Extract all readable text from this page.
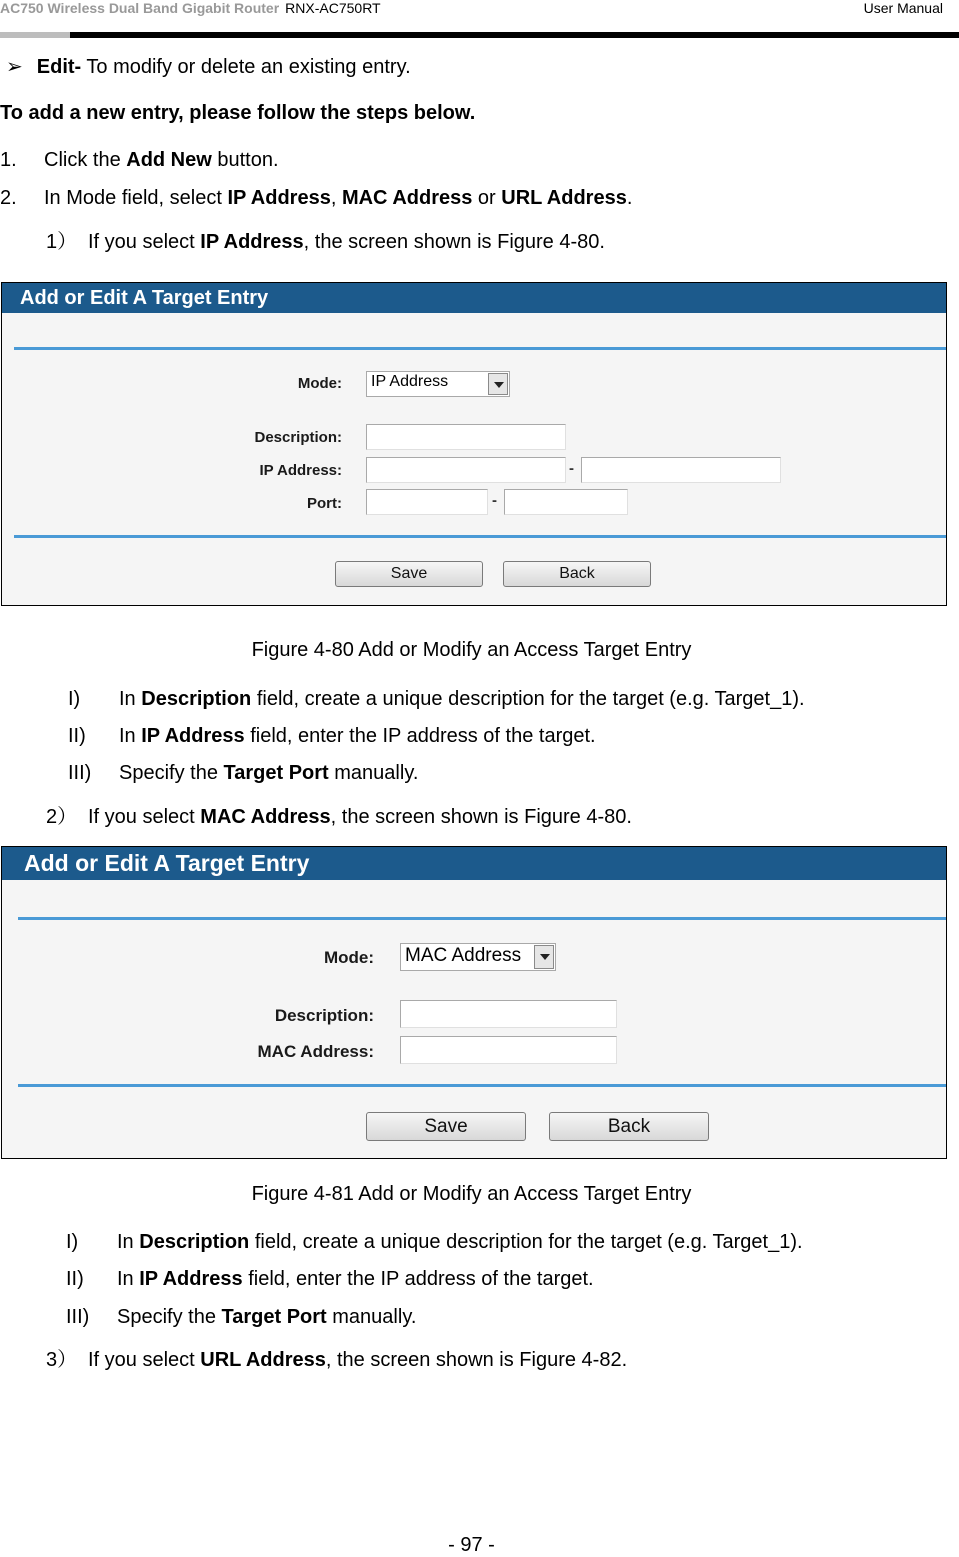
AC750 Wireless Dual Band Gigabit Router RNX-AC750RT	User Manual
➢ Edit- To modify or delete an existing entry.
To add a new entry, please follow the steps below.
1. Click the Add New button.
2. In Mode field, select IP Address, MAC Address or URL Address.
1） If you select IP Address, the screen shown is Figure 4-80.
Add or Edit A Target Entry
Mode: IP Address
Description:
IP Address:	-
Port:	-
Save	Back
Figure 4-80 Add or Modify an Access Target Entry
I) In Description field, create a unique description for the target (e.g. Target_1).
II) In IP Address field, enter the IP address of the target.
III) Specify the Target Port manually.
2） If you select MAC Address, the screen shown is Figure 4-80.
Add or Edit A Target Entry
Mode: MAC Address
Description:
MAC Address:
Save	Back
Figure 4-81 Add or Modify an Access Target Entry
I) In Description field, create a unique description for the target (e.g. Target_1).
II) In IP Address field, enter the IP address of the target.
III) Specify the Target Port manually.
3） If you select URL Address, the screen shown is Figure 4-82.
- 97 -
